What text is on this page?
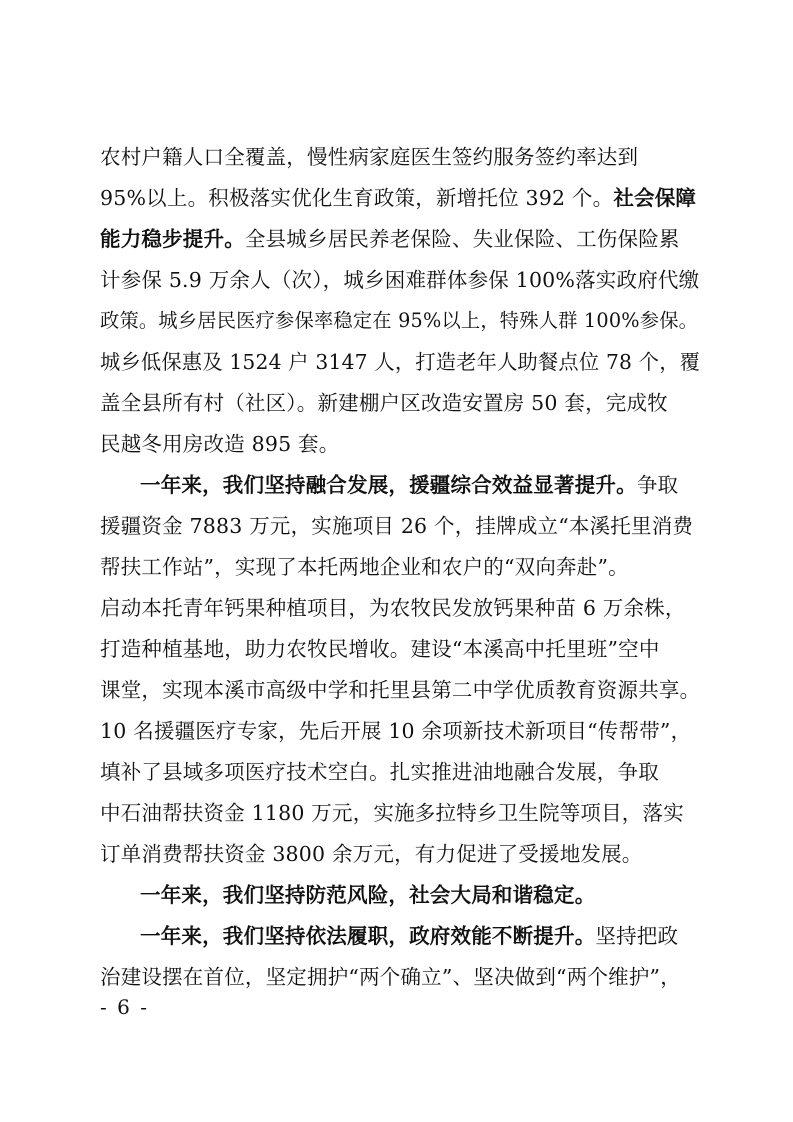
农村户籍人口全覆盖，慢性病家庭医生签约服务签约率达到
95%以上。积极落实优化生育政策，新增托位 392 个。社会保障
能力稳步提升。全县城乡居民养老保险、失业保险、工伤保险累
计参保 5.9 万余人（次），城乡困难群体参保 100%落实政府代缴
政策。城乡居民医疗参保率稳定在 95%以上，特殊人群 100%参保。
城乡低保惠及 1524 户 3147 人，打造老年人助餐点位 78 个，覆
盖全县所有村（社区）。新建棚户区改造安置房 50 套，完成牧
民越冬用房改造 895 套。
一年来，我们坚持融合发展，援疆综合效益显著提升。争取
援疆资金 7883 万元，实施项目 26 个，挂牌成立“本溪托里消费
帮扶工作站”，实现了本托两地企业和农户的“双向奔赴”。
启动本托青年钙果种植项目，为农牧民发放钙果种苗 6 万余株，
打造种植基地，助力农牧民增收。建设“本溪高中托里班”空中
课堂，实现本溪市高级中学和托里县第二中学优质教育资源共享。
10 名援疆医疗专家，先后开展 10 余项新技术新项目“传帮带”，
填补了县域多项医疗技术空白。扎实推进油地融合发展，争取
中石油帮扶资金 1180 万元，实施多拉特乡卫生院等项目，落实
订单消费帮扶资金 3800 余万元，有力促进了受援地发展。
一年来，我们坚持防范风险，社会大局和谐稳定。
一年来，我们坚持依法履职，政府效能不断提升。坚持把政
治建设摆在首位，坚定拥护“两个确立”、坚决做到“两个维护”，
- 6 -
